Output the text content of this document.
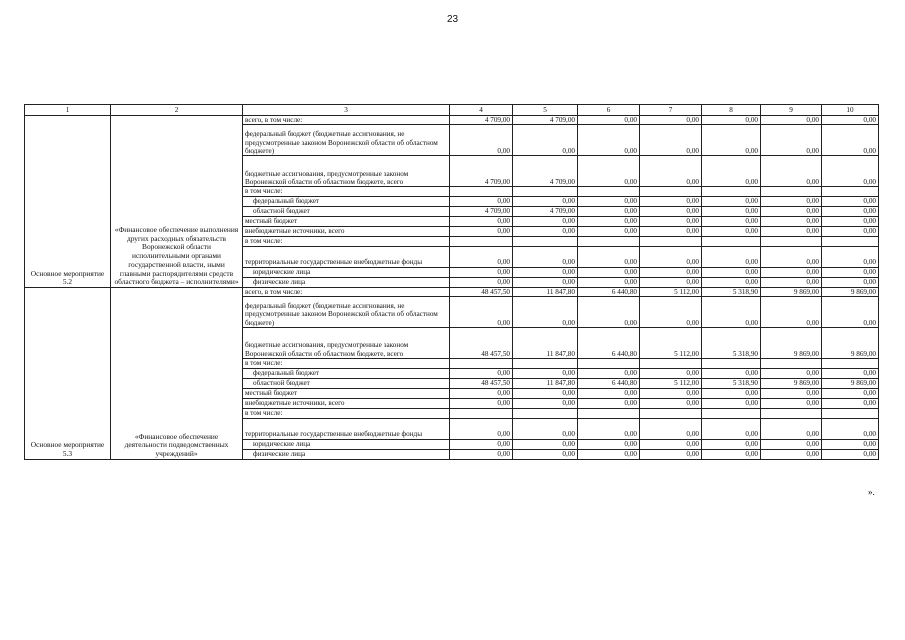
23
1	2	3	4	5	6	7	8	9	10
Основное мероприятие 5.2	«Финансовое обеспечение выполнения других расходных обязательств Воронежской области исполнительными органами государственной власти, ными главными распорядителями средств областного бюджета – исполнителями»	всего, в том числе:	4 709,00	4 709,00	0,00	0,00	0,00	0,00	0,00
		федеральный бюджет (бюджетные ассигнования, не предусмотренные законом Воронежской области об областном бюджете)	0,00	0,00	0,00	0,00	0,00	0,00	0,00
		бюджетные ассигнования, предусмотренные законом Воронежской области об областном бюджете, всего	4 709,00	4 709,00	0,00	0,00	0,00	0,00	0,00
		в том числе:							
		федеральный бюджет	0,00	0,00	0,00	0,00	0,00	0,00	0,00
		областной бюджет	4 709,00	4 709,00	0,00	0,00	0,00	0,00	0,00
		местный бюджет	0,00	0,00	0,00	0,00	0,00	0,00	0,00
		внебюджетные источники, всего	0,00	0,00	0,00	0,00	0,00	0,00	0,00
		в том числе:							
		территориальные государственные внебюджетные фонды	0,00	0,00	0,00	0,00	0,00	0,00	0,00
		юридические лица	0,00	0,00	0,00	0,00	0,00	0,00	0,00
		физические лица	0,00	0,00	0,00	0,00	0,00	0,00	0,00
Основное мероприятие 5.3	«Финансовое обеспечение деятельности подведомственных учреждений»	всего, в том числе:	48 457,50	11 847,80	6 440,80	5 112,00	5 318,90	9 869,00	9 869,00
		федеральный бюджет (бюджетные ассигнования, не предусмотренные законом Воронежской области об областном бюджете)	0,00	0,00	0,00	0,00	0,00	0,00	0,00
		бюджетные ассигнования, предусмотренные законом Воронежской области об областном бюджете, всего	48 457,50	11 847,80	6 440,80	5 112,00	5 318,90	9 869,00	9 869,00
		в том числе:							
		федеральный бюджет	0,00	0,00	0,00	0,00	0,00	0,00	0,00
		областной бюджет	48 457,50	11 847,80	6 440,80	5 112,00	5 318,90	9 869,00	9 869,00
		местный бюджет	0,00	0,00	0,00	0,00	0,00	0,00	0,00
		внебюджетные источники, всего	0,00	0,00	0,00	0,00	0,00	0,00	0,00
		в том числе:							
		территориальные государственные внебюджетные фонды	0,00	0,00	0,00	0,00	0,00	0,00	0,00
		юридические лица	0,00	0,00	0,00	0,00	0,00	0,00	0,00
		физические лица	0,00	0,00	0,00	0,00	0,00	0,00	0,00
».
